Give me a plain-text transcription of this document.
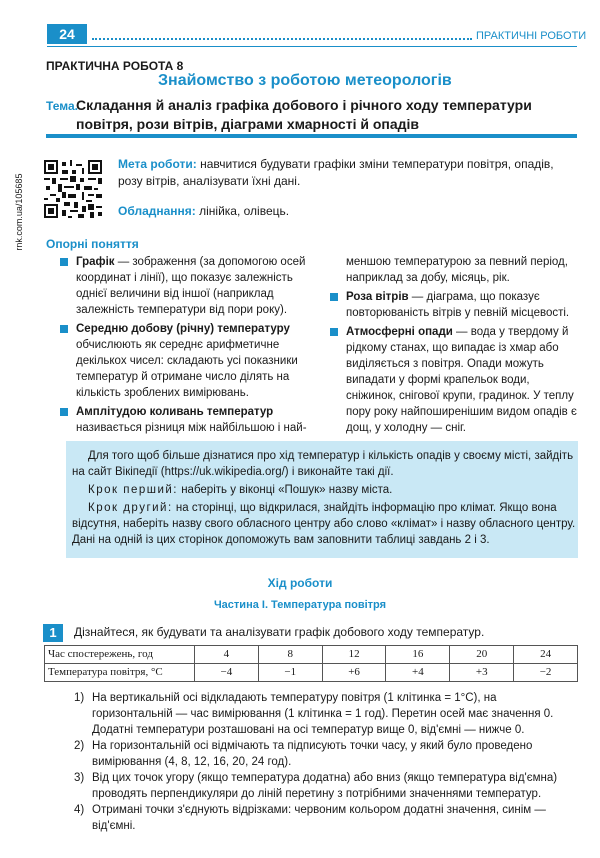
24	ПРАКТИЧНІ РОБОТИ
ПРАКТИЧНА РОБОТА 8
Знайомство з роботою метеорологів
Тема.
Складання й аналіз графіка добового і річного ходу температури повітря, рози вітрів, діаграми хмарності й опадів
rnk.com.ua/105685
Мета роботи: навчитися будувати графіки зміни температури повітря, опадів, розу вітрів, аналізувати їхні дані.
Обладнання: лінійка, олівець.
Опорні поняття
Графік — зображення (за допомогою осей координат і лінії), що показує залежність однієї величини від іншої (наприклад залежність температури від пори року).
Середню добову (річну) температуру обчислюють як середнє арифметичне декількох чисел: складають усі показники температур й отримане число ділять на кількість зроблених вимірювань.
Амплітудою коливань температур називається різниця між найбільшою і най-
меншою температурою за певний період, наприклад за добу, місяць, рік.
Роза вітрів — діаграма, що показує повторюваність вітрів у певній місцевості.
Атмосферні опади — вода у твердому й рідкому станах, що випадає із хмар або виділяється з повітря. Опади можуть випадати у формі крапельок води, сніжинок, снігової крупи, градинок. У теплу пору року найпоширенішим видом опадів є дощ, у холодну — сніг.

Для того щоб більше дізнатися про хід температур і кількість опадів у своєму місті, зайдіть на сайт Вікіпедії (https://uk.wikipedia.org/) і виконайте такі дії.

Крок перший: наберіть у віконці «Пошук» назву міста.

Крок другий: на сторінці, що відкрилася, знайдіть інформацію про клімат. Якщо вона відсутня, наберіть назву свого обласного центру або слово «клімат» і назву обласного центру. Дані на одній із цих сторінок допоможуть вам заповнити таблиці завдань 2 і 3.

Хід роботи
Частина І. Температура повітря
1	Дізнайтеся, як будувати та аналізувати графік добового ходу температур.
Час спостережень, год	4	8	12	16	20	24
Температура повітря, °С	−4	−1	+6	+4	+3	−2
1) На вертикальній осі відкладають температуру повітря (1 клітинка = 1°С), на горизонтальній — час вимірювання (1 клітинка = 1 год). Перетин осей має значення 0. Додатні температури розташовані на осі температур вище 0, від'ємні — нижче 0.
2) На горизонтальній осі відмічають та підписують точки часу, у який було проведено вимірювання (4, 8, 12, 16, 20, 24 год).
3) Від цих точок угору (якщо температура додатна) або вниз (якщо температура від'ємна) проводять перпендикуляри до ліній перетину з потрібними значеннями температур.
4) Отримані точки з'єднують відрізками: червоним кольором додатні значення, синім — від'ємні.
